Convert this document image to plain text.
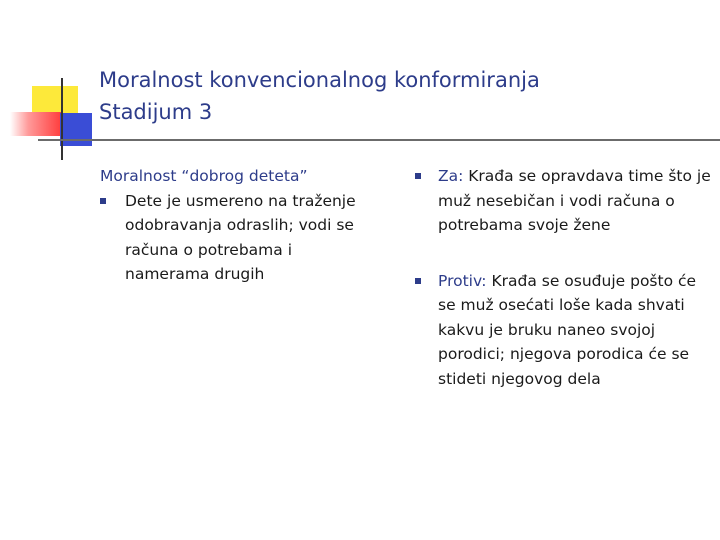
Moralnost konvencionalnog konformiranja
Stadijum 3
Moralnost “dobrog deteta”
Dete je usmereno na traženje odobravanja odraslih; vodi se računa o potrebama i namerama drugih
Za: Krađa se opravdava time što je muž nesebičan i vodi računa o potrebama svoje žene
Protiv: Krađa se osuđuje pošto će se muž osećati loše kada shvati kakvu je bruku naneo svojoj porodici; njegova porodica će se stideti njegovog dela
